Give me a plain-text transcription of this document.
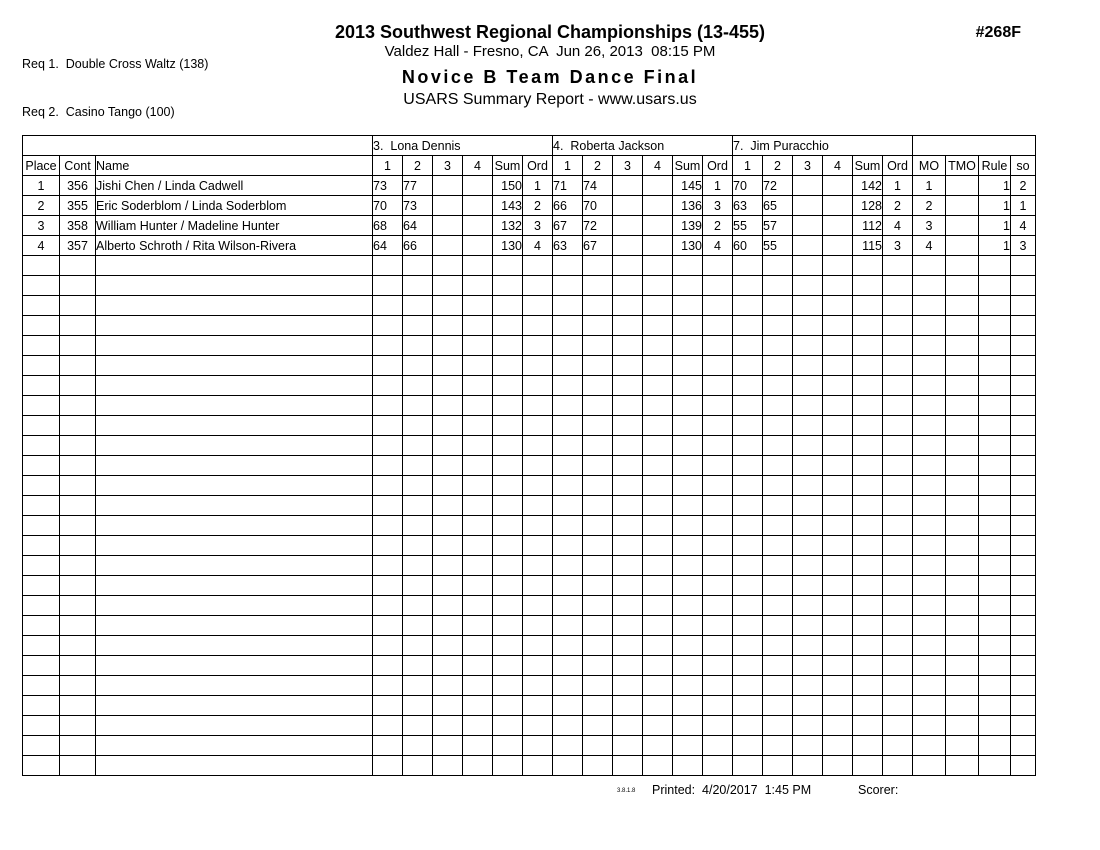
Req 1.  Double Cross Waltz (138)

Req 2.  Casino Tango (100)

2013 Southwest Regional Championships (13-455)
Valdez Hall - Fresno, CA  Jun 26, 2013  08:15 PM
Novice B Team Dance Final
USARS Summary Report - www.usars.us
#268F
			3.  Lona Dennis						4.  Roberta Jackson						7.  Jim Puracchio									
Place	Cont	Name	1	2	3	4	Sum	Ord	1	2	3	4	Sum	Ord	1	2	3	4	Sum	Ord	MO	TMO	Rule	so
1	356	Jishi Chen / Linda Cadwell	73	77			150	1	71	74			145	1	70	72			142	1	1		1	2
2	355	Eric Soderblom / Linda Soderblom	70	73			143	2	66	70			136	3	63	65			128	2	2		1	1
3	358	William Hunter / Madeline Hunter	68	64			132	3	67	72			139	2	55	57			112	4	3		1	4
4	357	Alberto Schroth / Rita Wilson-Rivera	64	66			130	4	63	67			130	4	60	55			115	3	4		1	3

3.8.1.8 Printed:  4/20/2017  1:45 PM	Scorer:
